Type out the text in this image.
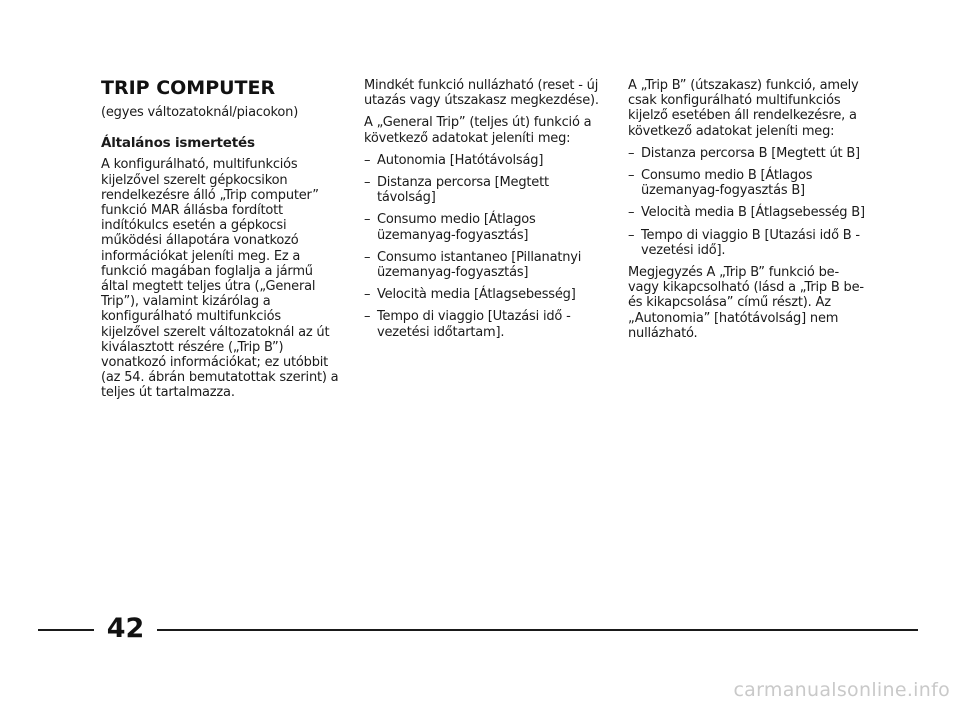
TRIP COMPUTER

(egyes változatoknál/piacokon)

Általános ismertetés

A konfigurálható, multifunkciós kijelzővel szerelt gépkocsikon rendelkezésre álló „Trip computer” funkció MAR állásba fordított indítókulcs esetén a gépkocsi működési állapotára vonatkozó információkat jeleníti meg. Ez a funkció magában foglalja a jármű által megtett teljes útra („General Trip”), valamint kizárólag a konfigurálható multifunkciós kijelzővel szerelt változatoknál az út kiválasztott részére („Trip B”) vonatkozó információkat; ez utóbbit (az 54. ábrán bemutatottak szerint) a teljes út tartalmazza.

Mindkét funkció nullázható (reset - új utazás vagy útszakasz megkezdése).

A „General Trip” (teljes út) funkció a következő adatokat jeleníti meg:

– Autonomia [Hatótávolság]
– Distanza percorsa [Megtett távolság]
– Consumo medio [Átlagos üzemanyag-fogyasztás]
– Consumo istantaneo [Pillanatnyi üzemanyag-fogyasztás]
– Velocità media [Átlagsebesség]
– Tempo di viaggio [Utazási idő - vezetési időtartam].

A „Trip B” (útszakasz) funkció, amely csak konfigurálható multifunkciós kijelző esetében áll rendelkezésre, a következő adatokat jeleníti meg:

– Distanza percorsa B [Megtett út B]
– Consumo medio B [Átlagos üzemanyag-fogyasztás B]
– Velocità media B [Átlagsebesség B]
– Tempo di viaggio B [Utazási idő B - vezetési idő].

Megjegyzés A „Trip B” funkció be- vagy kikapcsolható (lásd a „Trip B be- és kikapcsolása” című részt). Az „Autonomia” [hatótávolság] nem nullázható.

42
carmanualsonline.info
